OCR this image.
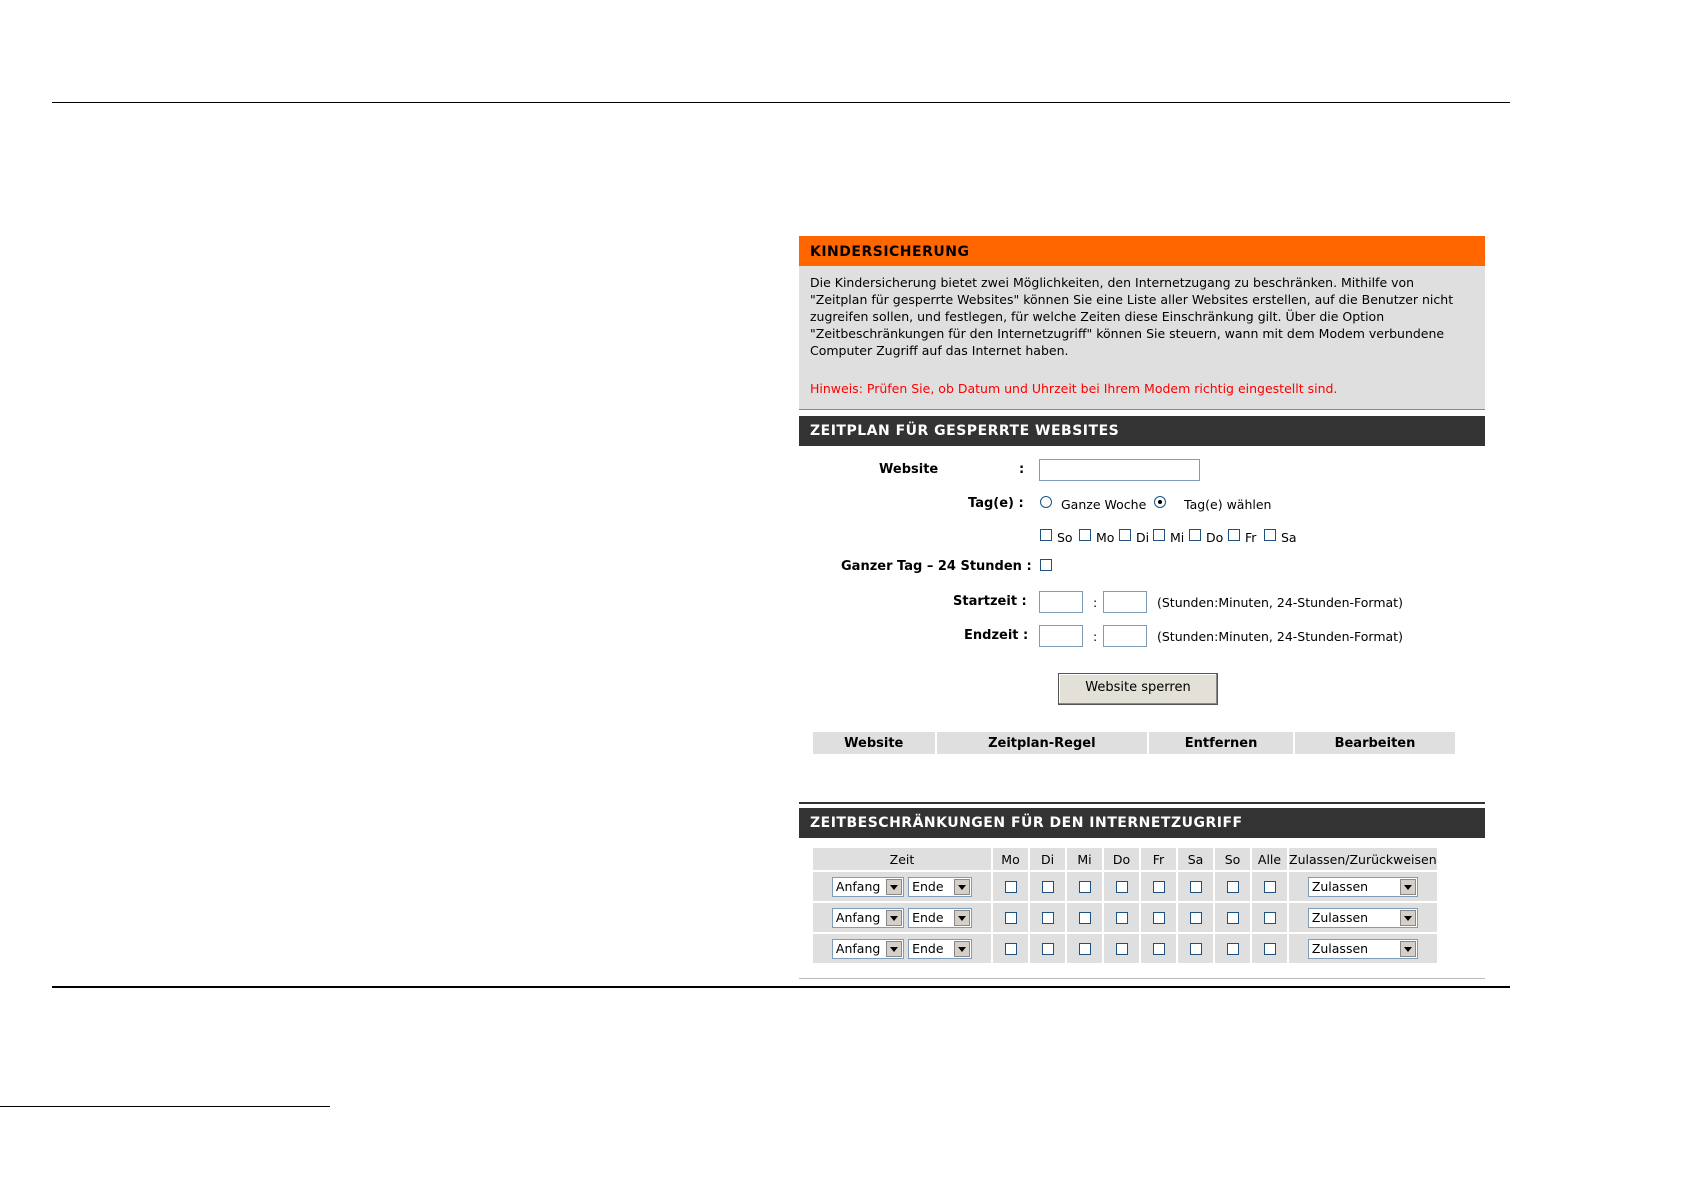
KINDERSICHERUNG
Die Kindersicherung bietet zwei Möglichkeiten, den Internetzugang zu beschränken. Mithilfe von "Zeitplan für gesperrte Websites" können Sie eine Liste aller Websites erstellen, auf die Benutzer nicht zugreifen sollen, und festlegen, für welche Zeiten diese Einschränkung gilt. Über die Option "Zeitbeschränkungen für den Internetzugriff" können Sie steuern, wann mit dem Modem verbundene Computer Zugriff auf das Internet haben.
Hinweis: Prüfen Sie, ob Datum und Uhrzeit bei Ihrem Modem richtig eingestellt sind.
ZEITPLAN FÜR GESPERRTE WEBSITES
Website	:
Tag(e) :	Ganze Woche	Tag(e) wählen
So Mo Di Mi Do Fr Sa
Ganzer Tag – 24 Stunden :
Startzeit :	:	(Stunden:Minuten, 24-Stunden-Format)
Endzeit :	:	(Stunden:Minuten, 24-Stunden-Format)
Website sperren
Website	Zeitplan-Regel	Entfernen	Bearbeiten
ZEITBESCHRÄNKUNGEN FÜR DEN INTERNETZUGRIFF
Zeit	Mo	Di	Mi	Do	Fr	Sa	So	Alle	Zulassen/Zurückweisen
Anfang Ende									Zulassen

Anfang Ende									Zulassen

Anfang Ende									Zulassen
